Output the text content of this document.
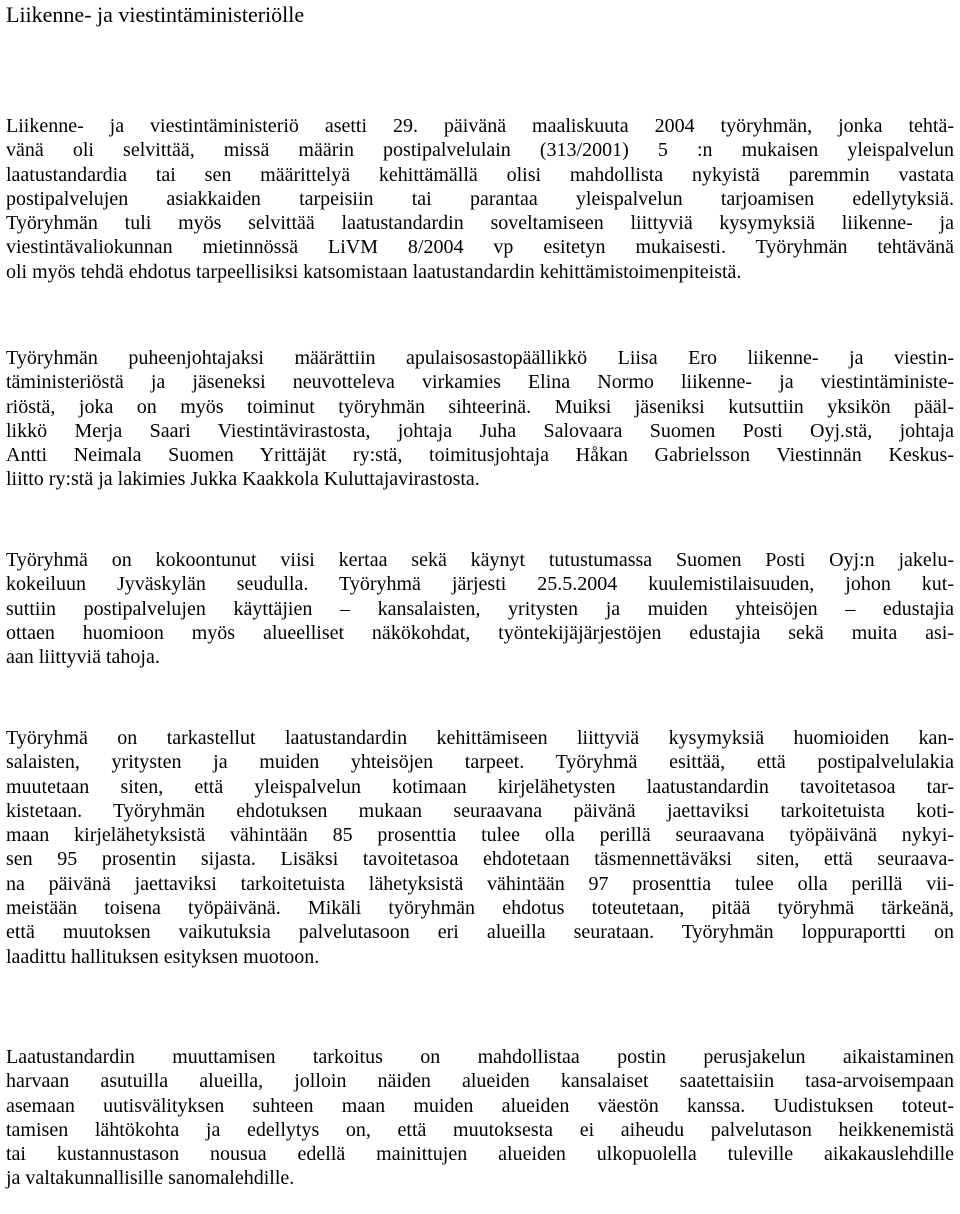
Liikenne- ja viestintäministeriölle

Liikenne- ja viestintäministeriö asetti 29. päivänä maaliskuuta 2004 työryhmän, jonka tehtä-
vänä oli selvittää, missä määrin postipalvelulain (313/2001) 5 :n mukaisen yleispalvelun
laatustandardia tai sen määrittelyä kehittämällä olisi mahdollista nykyistä paremmin vastata
postipalvelujen asiakkaiden tarpeisiin tai parantaa yleispalvelun tarjoamisen edellytyksiä.
Työryhmän tuli myös selvittää laatustandardin soveltamiseen liittyviä kysymyksiä liikenne- ja
viestintävaliokunnan mietinnössä LiVM 8/2004 vp esitetyn mukaisesti. Työryhmän tehtävänä
oli myös tehdä ehdotus tarpeellisiksi katsomistaan laatustandardin kehittämistoimenpiteistä.

Työryhmän puheenjohtajaksi määrättiin apulaisosastopäällikkö Liisa Ero liikenne- ja viestin-
täministeriöstä ja jäseneksi neuvotteleva virkamies Elina Normo liikenne- ja viestintäministe-
riöstä, joka on myös toiminut työryhmän sihteerinä. Muiksi jäseniksi kutsuttiin yksikön pääl-
likkö Merja Saari Viestintävirastosta, johtaja Juha Salovaara Suomen Posti Oyj.stä, johtaja
Antti Neimala Suomen Yrittäjät ry:stä, toimitusjohtaja Håkan Gabrielsson Viestinnän Keskus-
liitto ry:stä ja lakimies Jukka Kaakkola Kuluttajavirastosta.

Työryhmä on kokoontunut viisi kertaa sekä käynyt tutustumassa Suomen Posti Oyj:n jakelu-
kokeiluun Jyväskylän seudulla. Työryhmä järjesti 25.5.2004 kuulemistilaisuuden, johon kut-
suttiin postipalvelujen käyttäjien – kansalaisten, yritysten ja muiden yhteisöjen – edustajia
ottaen huomioon myös alueelliset näkökohdat, työntekijäjärjestöjen edustajia sekä muita asi-
aan liittyviä tahoja.

Työryhmä on tarkastellut laatustandardin kehittämiseen liittyviä kysymyksiä huomioiden kan-
salaisten, yritysten ja muiden yhteisöjen tarpeet. Työryhmä esittää, että postipalvelulakia
muutetaan siten, että yleispalvelun kotimaan kirjelähetysten laatustandardin tavoitetasoa tar-
kistetaan. Työryhmän ehdotuksen mukaan seuraavana päivänä jaettaviksi tarkoitetuista koti-
maan kirjelähetyksistä vähintään 85 prosenttia tulee olla perillä seuraavana työpäivänä nykyi-
sen 95 prosentin sijasta. Lisäksi tavoitetasoa ehdotetaan täsmennettäväksi siten, että seuraava-
na päivänä jaettaviksi tarkoitetuista lähetyksistä vähintään 97 prosenttia tulee olla perillä vii-
meistään toisena työpäivänä. Mikäli työryhmän ehdotus toteutetaan, pitää työryhmä tärkeänä,
että muutoksen vaikutuksia palvelutasoon eri alueilla seurataan. Työryhmän loppuraportti on
laadittu hallituksen esityksen muotoon.

Laatustandardin muuttamisen tarkoitus on mahdollistaa postin perusjakelun aikaistaminen
harvaan asutuilla alueilla, jolloin näiden alueiden kansalaiset saatettaisiin tasa-arvoisempaan
asemaan uutisvälityksen suhteen maan muiden alueiden väestön kanssa. Uudistuksen toteut-
tamisen lähtökohta ja edellytys on, että muutoksesta ei aiheudu palvelutason heikkenemistä
tai kustannustason nousua edellä mainittujen alueiden ulkopuolella tuleville aikakauslehdille
ja valtakunnallisille sanomalehdille.
